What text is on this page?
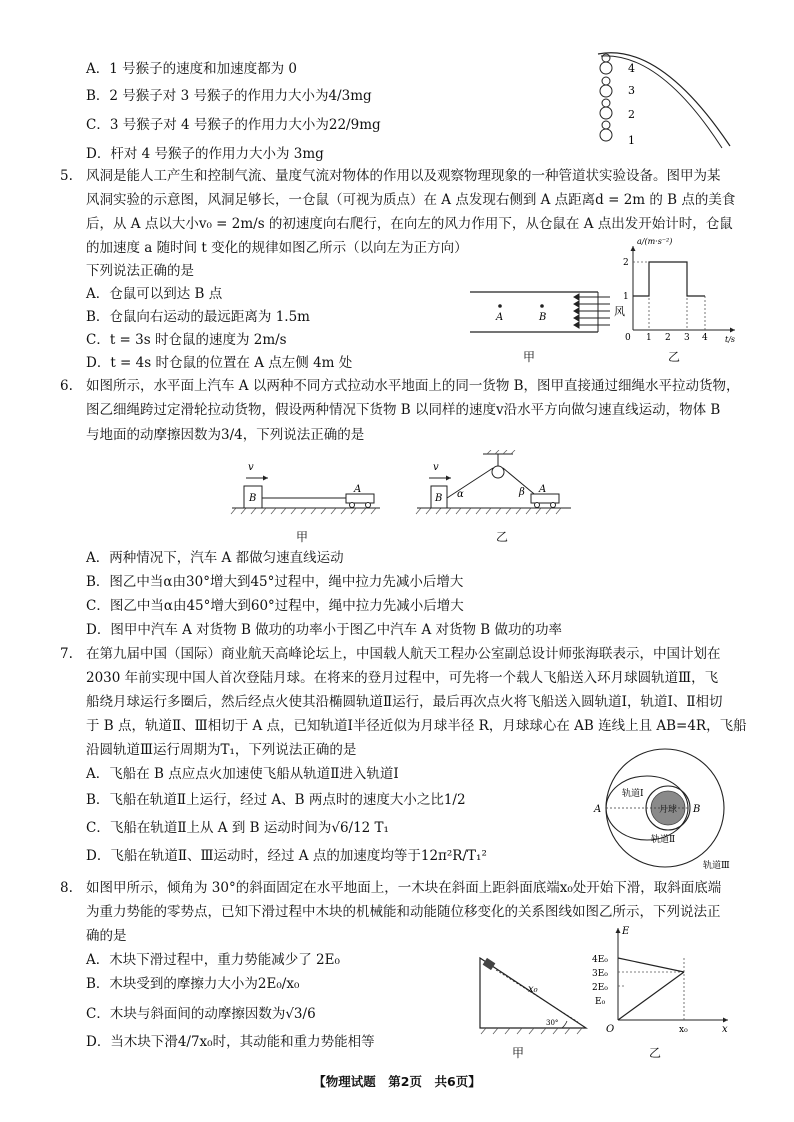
A．1 号猴子的速度和加速度都为 0
B．2 号猴子对 3 号猴子的作用力大小为4/3mg
C．3 号猴子对 4 号猴子的作用力大小为22/9mg
D．杆对 4 号猴子的作用力大小为 3mg
4
3
2
1
5. 风洞是能人工产生和控制气流、量度气流对物体的作用以及观察物理现象的一种管道状实验设备。图甲为某
风洞实验的示意图，风洞足够长，一仓鼠（可视为质点）在 A 点发现右侧到 A 点距离d = 2m 的 B 点的美食
后，从 A 点以大小v₀ = 2m/s 的初速度向右爬行，在向左的风力作用下，从仓鼠在 A 点出发开始计时，仓鼠
的加速度 a 随时间 t 变化的规律如图乙所示（以向左为正方向）
下列说法正确的是
A．仓鼠可以到达 B 点
B．仓鼠向右运动的最远距离为 1.5m
C．t = 3s 时仓鼠的速度为 2m/s
D．t = 4s 时仓鼠的位置在 A 点左侧 4m 处
A	B	风
甲
a/(m·s⁻²)
t/s
2
1
0 1 2 3 4
乙
6. 如图所示，水平面上汽车 A 以两种不同方式拉动水平地面上的同一货物 B，图甲直接通过细绳水平拉动货物，
图乙细绳跨过定滑轮拉动货物，假设两种情况下货物 B 以同样的速度v沿水平方向做匀速直线运动，物体 B
与地面的动摩擦因数为3/4，下列说法正确的是
B
A
v
甲
B
A
α	β
v
乙
A．两种情况下，汽车 A 都做匀速直线运动
B．图乙中当α由30°增大到45°过程中，绳中拉力先减小后增大
C．图乙中当α由45°增大到60°过程中，绳中拉力先减小后增大
D．图甲中汽车 A 对货物 B 做功的功率小于图乙中汽车 A 对货物 B 做功的功率
7. 在第九届中国（国际）商业航天高峰论坛上，中国载人航天工程办公室副总设计师张海联表示，中国计划在
2030 年前实现中国人首次登陆月球。在将来的登月过程中，可先将一个载人飞船送入环月球圆轨道Ⅲ，飞
船绕月球运行多圈后，然后经点火使其沿椭圆轨道Ⅱ运行，最后再次点火将飞船送入圆轨道Ⅰ，轨道Ⅰ、Ⅱ相切
于 B 点，轨道Ⅱ、Ⅲ相切于 A 点，已知轨道Ⅰ半径近似为月球半径 R，月球球心在 AB 连线上且 AB=4R，飞船
沿圆轨道Ⅲ运行周期为T₁，下列说法正确的是
A．飞船在 B 点应点火加速使飞船从轨道Ⅱ进入轨道Ⅰ
B．飞船在轨道Ⅱ上运行，经过 A、B 两点时的速度大小之比1/2
C．飞船在轨道Ⅱ上从 A 到 B 运动时间为√6/12 T₁
D．飞船在轨道Ⅱ、Ⅲ运动时，经过 A 点的加速度均等于12π²R/T₁²
A	B
轨道Ⅰ
月球
轨道Ⅱ
轨道Ⅲ
8. 如图甲所示，倾角为 30°的斜面固定在水平地面上，一木块在斜面上距斜面底端x₀处开始下滑，取斜面底端
为重力势能的零势点，已知下滑过程中木块的机械能和动能随位移变化的关系图线如图乙所示，下列说法正
确的是
A．木块下滑过程中，重力势能减少了 2E₀
B．木块受到的摩擦力大小为2E₀/x₀
C．木块与斜面间的动摩擦因数为√3/6
D．当木块下滑4/7x₀时，其动能和重力势能相等
x₀
30°
甲
E
x
O
4E₀
3E₀
2E₀
E₀
x₀
乙
【物理试题　第2页　共6页】
